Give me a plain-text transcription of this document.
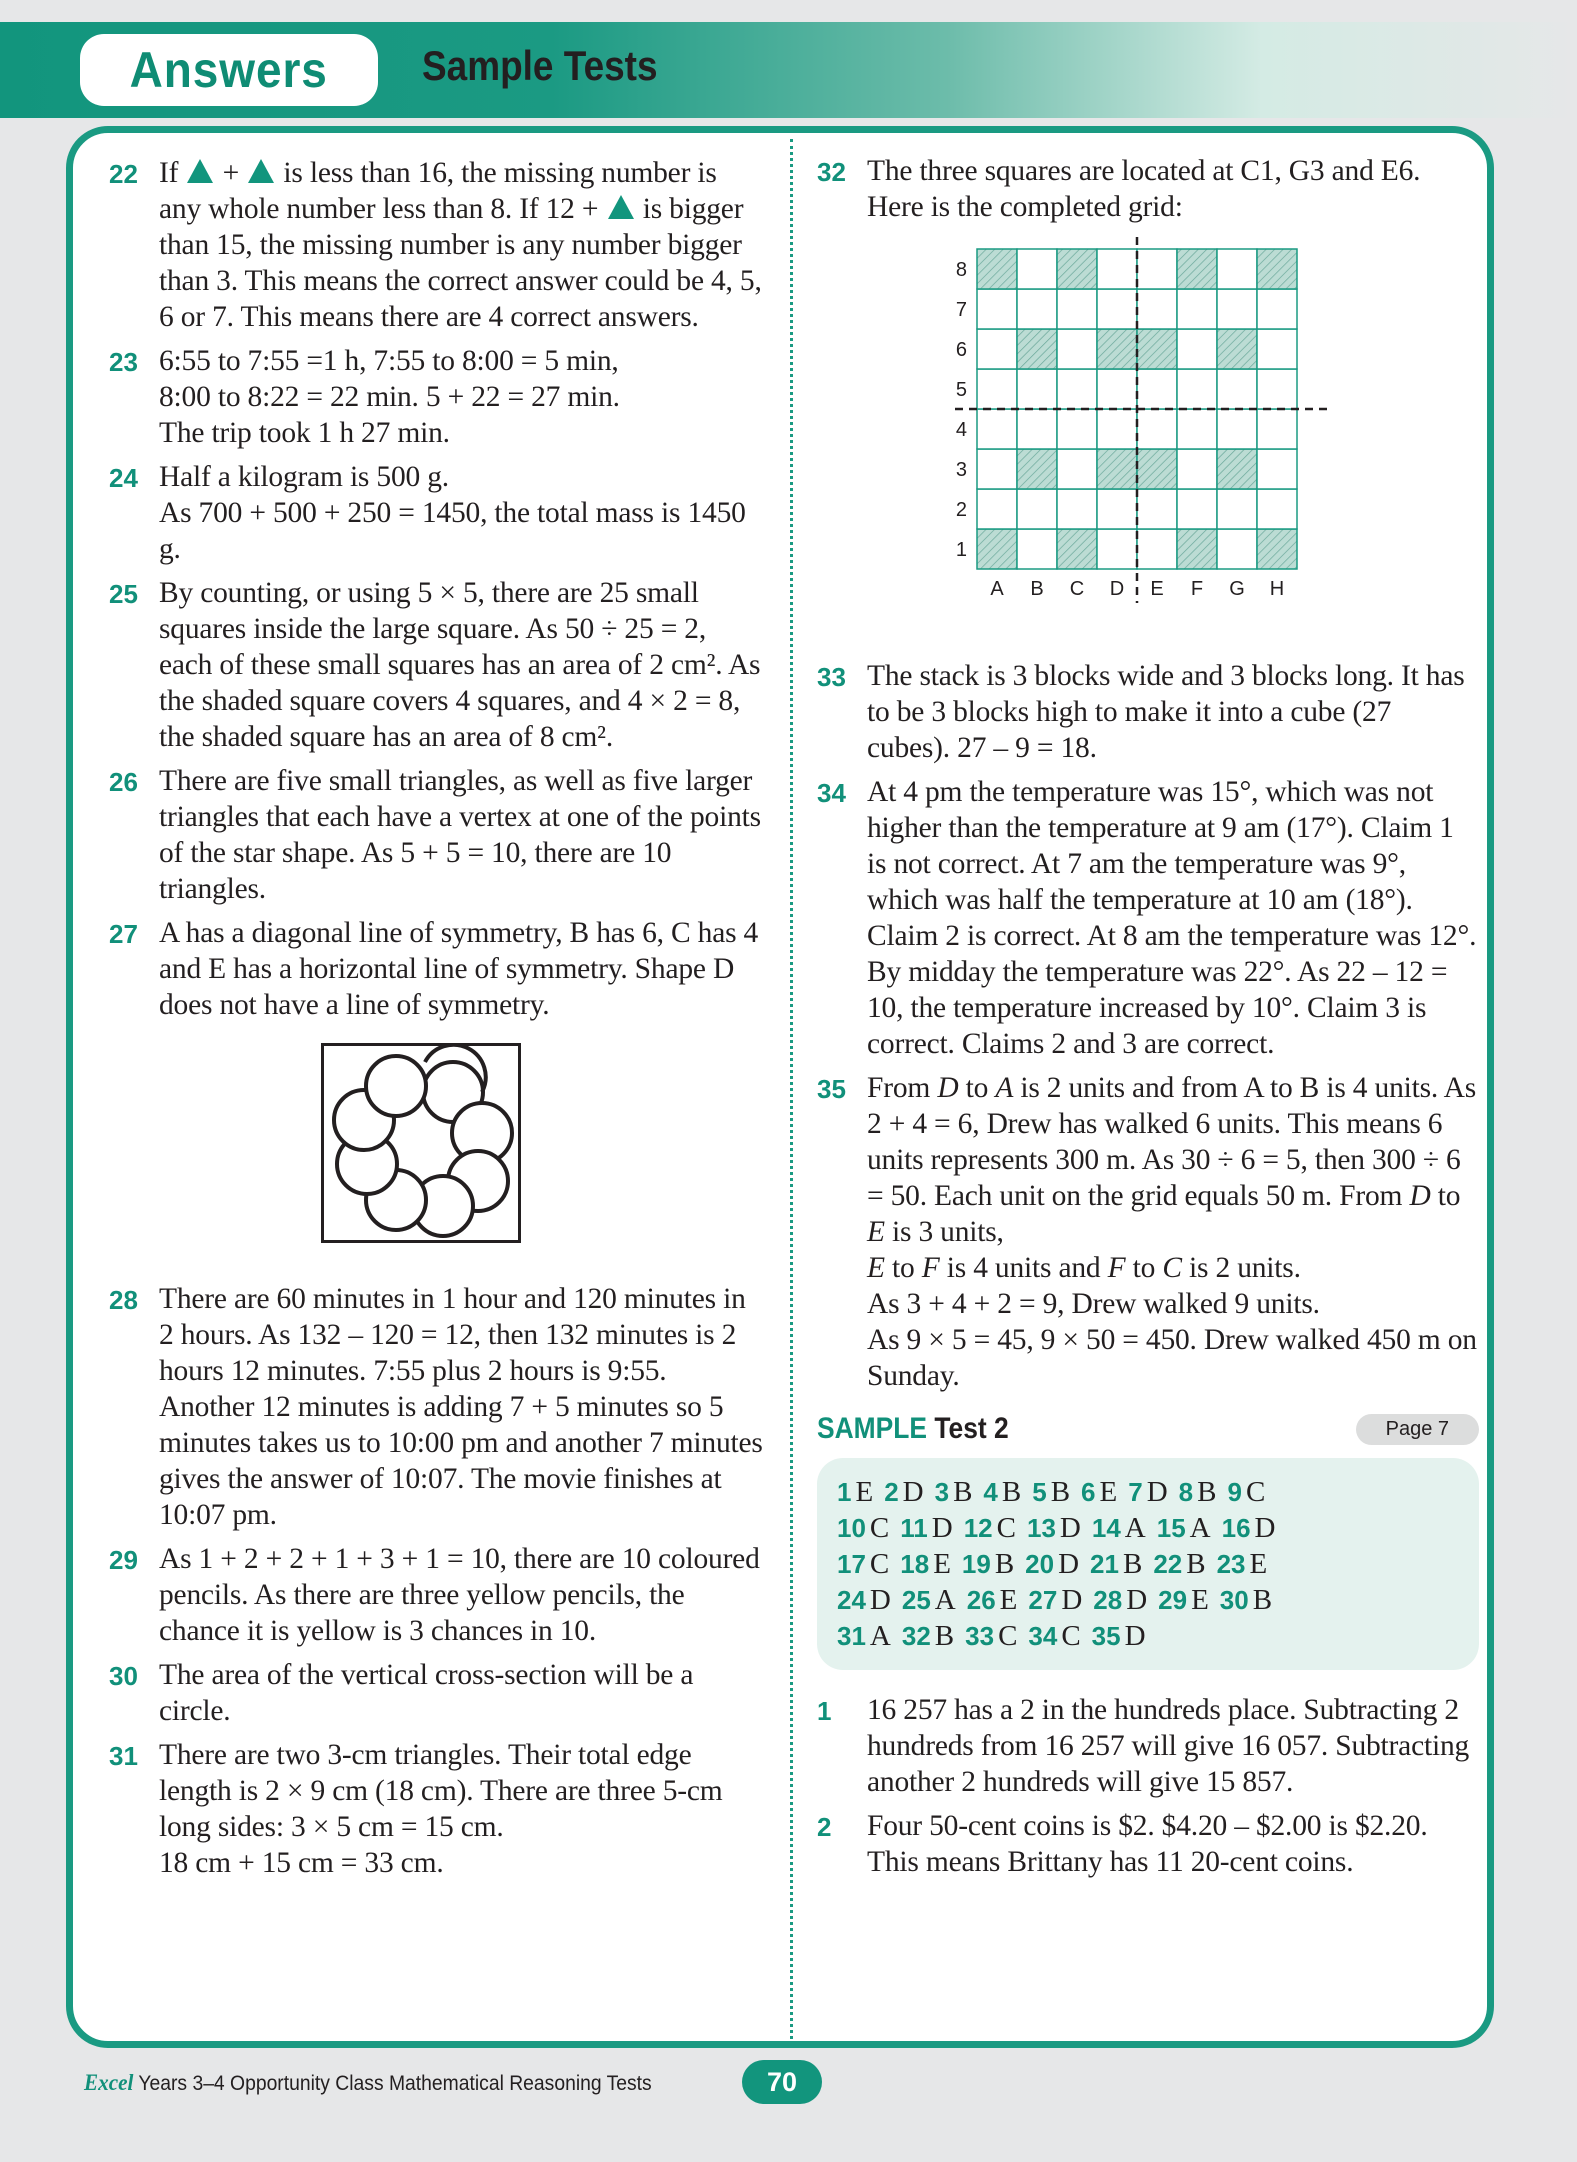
Answers Sample Tests
22 If  +  is less than 16, the missing number is any whole number less than 8. If 12 +  is bigger than 15, the missing number is any number bigger than 3. This means the correct answer could be 4, 5, 6 or 7. This means there are 4 correct answers.
23 6:55 to 7:55 =1 h, 7:55 to 8:00 = 5 min,
8:00 to 8:22 = 22 min. 5 + 22 = 27 min.
The trip took 1 h 27 min.
24 Half a kilogram is 500 g.
As 700 + 500 + 250 = 1450, the total mass is 1450 g.
25 By counting, or using 5 × 5, there are 25 small squares inside the large square. As 50 ÷ 25 = 2, each of these small squares has an area of 2 cm². As the shaded square covers 4 squares, and 4 × 2 = 8, the shaded square has an area of 8 cm².
26 There are five small triangles, as well as five larger triangles that each have a vertex at one of the points of the star shape. As 5 + 5 = 10, there are 10 triangles.
27 A has a diagonal line of symmetry, B has 6, C has 4 and E has a horizontal line of symmetry. Shape D does not have a line of symmetry.
28 There are 60 minutes in 1 hour and 120 minutes in 2 hours. As 132 – 120 = 12, then 132 minutes is 2 hours 12 minutes. 7:55 plus 2 hours is 9:55. Another 12 minutes is adding 7 + 5 minutes so 5 minutes takes us to 10:00 pm and another 7 minutes gives the answer of 10:07. The movie finishes at 10:07 pm.
29 As 1 + 2 + 2 + 1 + 3 + 1 = 10, there are 10 coloured pencils. As there are three yellow pencils, the chance it is yellow is 3 chances in 10.
30 The area of the vertical cross-section will be a circle.
31 There are two 3-cm triangles. Their total edge length is 2 × 9 cm (18 cm). There are three 5-cm long sides: 3 × 5 cm = 15 cm.
18 cm + 15 cm = 33 cm.
32 The three squares are located at C1, G3 and E6. Here is the completed grid:
A B C D E F G H
1
2
3
4
5
6
7
8
33 The stack is 3 blocks wide and 3 blocks long. It has to be 3 blocks high to make it into a cube (27 cubes). 27 – 9 = 18.
34 At 4 pm the temperature was 15°, which was not higher than the temperature at 9 am (17°). Claim 1 is not correct. At 7 am the temperature was 9°, which was half the temperature at 10 am (18°). Claim 2 is correct. At 8 am the temperature was 12°. By midday the temperature was 22°. As 22 – 12 = 10, the temperature increased by 10°. Claim 3 is correct. Claims 2 and 3 are correct.
35 From D to A is 2 units and from A to B is 4 units. As 2 + 4 = 6, Drew has walked 6 units. This means 6 units represents 300 m. As 30 ÷ 6 = 5, then 300 ÷ 6 = 50. Each unit on the grid equals 50 m. From D to E is 3 units,
E to F is 4 units and F to C is 2 units.
As 3 + 4 + 2 = 9, Drew walked 9 units.
As 9 × 5 = 45, 9 × 50 = 450. Drew walked 450 m on Sunday.
SAMPLE Test 2	Page 7
1 E 2 D 3 B 4 B 5 B 6 E 7 D 8 B 9 C
10 C 11 D 12 C 13 D 14 A 15 A 16 D
17 C 18 E 19 B 20 D 21 B 22 B 23 E
24 D 25 A 26 E 27 D 28 D 29 E 30 B
31 A 32 B 33 C 34 C 35 D
1	16 257 has a 2 in the hundreds place. Subtracting 2 hundreds from 16 257 will give 16 057. Subtracting another 2 hundreds will give 15 857.
2	Four 50-cent coins is $2. $4.20 – $2.00 is $2.20. This means Brittany has 11 20-cent coins.
Excel Years 3–4 Opportunity Class Mathematical Reasoning Tests	70
